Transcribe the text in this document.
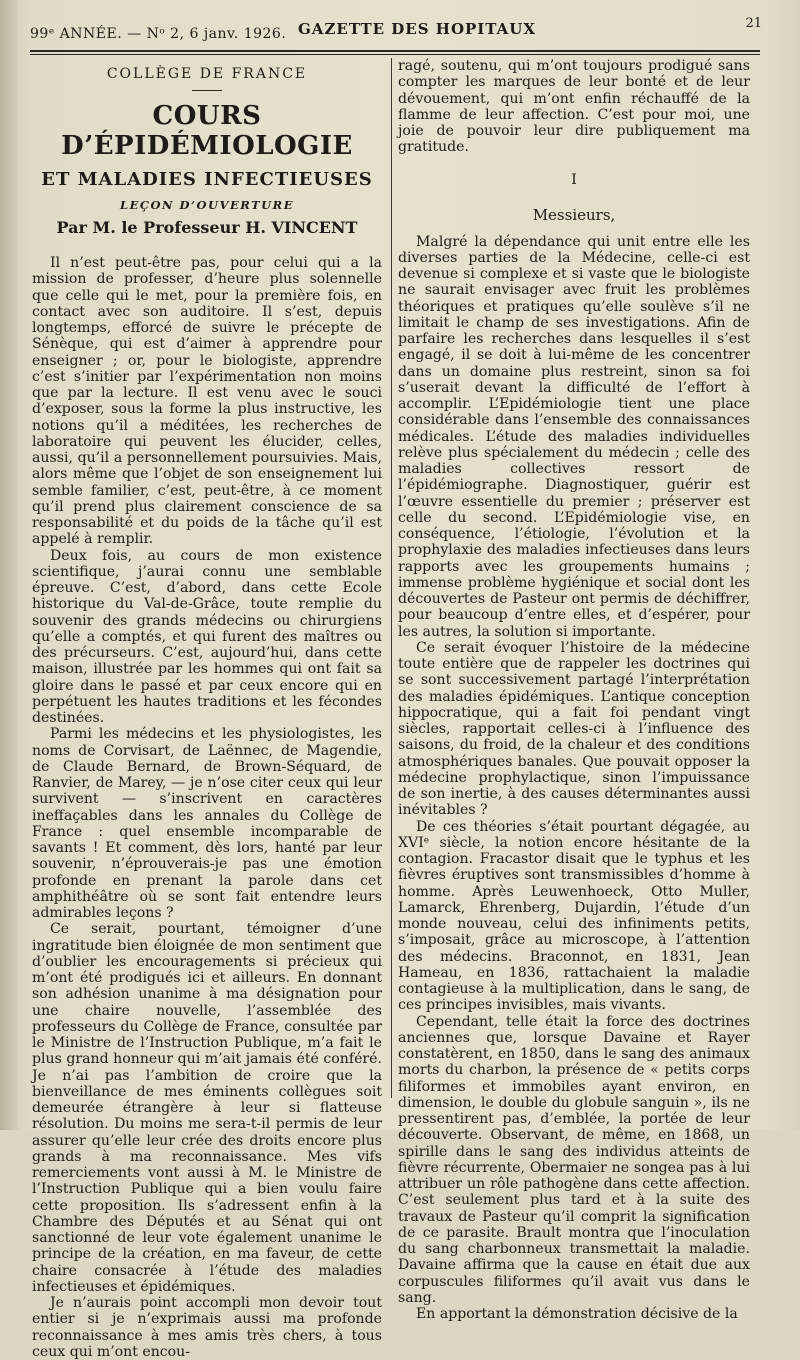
99ᵉ ANNÉE. — Nᵒ 2, 6 janv. 1926. GAZETTE DES HOPITAUX	21
COLLÈGE DE FRANCE
COURS D’ÉPIDÉMIOLOGIE
ET MALADIES INFECTIEUSES
LEÇON D’OUVERTURE
Par M. le Professeur H. VINCENT

Il n’est peut-être pas, pour celui qui a la mission de professer, d’heure plus solennelle que celle qui le met, pour la première fois, en contact avec son auditoire. Il s’est, depuis longtemps, efforcé de suivre le précepte de Sénèque, qui est d’aimer à apprendre pour enseigner ; or, pour le biologiste, apprendre c’est s’initier par l’expérimentation non moins que par la lecture. Il est venu avec le souci d’exposer, sous la forme la plus instructive, les notions qu’il a méditées, les recherches de laboratoire qui peuvent les élucider, celles, aussi, qu’il a personnellement poursuivies. Mais, alors même que l’objet de son enseignement lui semble familier, c’est, peut-être, à ce moment qu’il prend plus clairement conscience de sa responsabilité et du poids de la tâche qu’il est appelé à remplir.

Deux fois, au cours de mon existence scientifique, j’aurai connu une semblable épreuve. C’est, d’abord, dans cette Ecole historique du Val-de-Grâce, toute remplie du souvenir des grands médecins ou chirurgiens qu’elle a comptés, et qui furent des maîtres ou des précurseurs. C’est, aujourd’hui, dans cette maison, illustrée par les hommes qui ont fait sa gloire dans le passé et par ceux encore qui en perpétuent les hautes traditions et les fécondes destinées.

Parmi les médecins et les physiologistes, les noms de Corvisart, de Laënnec, de Magendie, de Claude Bernard, de Brown-Séquard, de Ranvier, de Marey, — je n’ose citer ceux qui leur survivent — s’inscrivent en caractères ineffaçables dans les annales du Collège de France : quel ensemble incomparable de savants ! Et comment, dès lors, hanté par leur souvenir, n’éprouverais-je pas une émotion profonde en prenant la parole dans cet amphithéâtre où se sont fait entendre leurs admirables leçons ?

Ce serait, pourtant, témoigner d’une ingratitude bien éloignée de mon sentiment que d’oublier les encouragements si précieux qui m’ont été prodigués ici et ailleurs. En donnant son adhésion unanime à ma désignation pour une chaire nouvelle, l’assemblée des professeurs du Collège de France, consultée par le Ministre de l’Instruction Publique, m’a fait le plus grand honneur qui m’ait jamais été conféré. Je n’ai pas l’ambition de croire que la bienveillance de mes éminents collègues soit demeurée étrangère à leur si flatteuse résolution. Du moins me sera-t-il permis de leur assurer qu’elle leur crée des droits encore plus grands à ma reconnaissance. Mes vifs remerciements vont aussi à M. le Ministre de l’Instruction Publique qui a bien voulu faire cette proposition. Ils s’adressent enfin à la Chambre des Députés et au Sénat qui ont sanctionné de leur vote également unanime le principe de la création, en ma faveur, de cette chaire consacrée à l’étude des maladies infectieuses et épidémiques.

Je n’aurais point accompli mon devoir tout entier si je n’exprimais aussi ma profonde reconnaissance à mes amis très chers, à tous ceux qui m’ont encou-

ragé, soutenu, qui m’ont toujours prodigué sans compter les marques de leur bonté et de leur dévouement, qui m’ont enfin réchauffé de la flamme de leur affection. C’est pour moi, une joie de pouvoir leur dire publiquement ma gratitude.

I
Messieurs,

Malgré la dépendance qui unit entre elle les diverses parties de la Médecine, celle-ci est devenue si complexe et si vaste que le biologiste ne saurait envisager avec fruit les problèmes théoriques et pratiques qu’elle soulève s’il ne limitait le champ de ses investigations. Afin de parfaire les recherches dans lesquelles il s’est engagé, il se doit à lui-même de les concentrer dans un domaine plus restreint, sinon sa foi s’userait devant la difficulté de l’effort à accomplir. L’Epidémiologie tient une place considérable dans l’ensemble des connaissances médicales. L’étude des maladies individuelles relève plus spécialement du médecin ; celle des maladies collectives ressort de l’épidémiographe. Diagnostiquer, guérir est l’œuvre essentielle du premier ; préserver est celle du second. L’Epidémiologie vise, en conséquence, l’étiologie, l’évolution et la prophylaxie des maladies infectieuses dans leurs rapports avec les groupements humains ; immense problème hygiénique et social dont les découvertes de Pasteur ont permis de déchiffrer, pour beaucoup d’entre elles, et d’espérer, pour les autres, la solution si importante.

Ce serait évoquer l’histoire de la médecine toute entière que de rappeler les doctrines qui se sont successivement partagé l’interprétation des maladies épidémiques. L’antique conception hippocratique, qui a fait foi pendant vingt siècles, rapportait celles-ci à l’influence des saisons, du froid, de la chaleur et des conditions atmosphériques banales. Que pouvait opposer la médecine prophylactique, sinon l’impuissance de son inertie, à des causes déterminantes aussi inévitables ?

De ces théories s’était pourtant dégagée, au XVIᵉ siècle, la notion encore hésitante de la contagion. Fracastor disait que le typhus et les fièvres éruptives sont transmissibles d’homme à homme. Après Leuwenhoeck, Otto Muller, Lamarck, Ehrenberg, Dujardin, l’étude d’un monde nouveau, celui des infiniments petits, s’imposait, grâce au microscope, à l’attention des médecins. Braconnot, en 1831, Jean Hameau, en 1836, rattachaient la maladie contagieuse à la multiplication, dans le sang, de ces principes invisibles, mais vivants.

Cependant, telle était la force des doctrines anciennes que, lorsque Davaine et Rayer constatèrent, en 1850, dans le sang des animaux morts du charbon, la présence de « petits corps filiformes et immobiles ayant environ, en dimension, le double du globule sanguin », ils ne pressentirent pas, d’emblée, la portée de leur découverte. Observant, de même, en 1868, un spirille dans le sang des individus atteints de fièvre récurrente, Obermaier ne songea pas à lui attribuer un rôle pathogène dans cette affection. C’est seulement plus tard et à la suite des travaux de Pasteur qu’il comprit la signification de ce parasite. Brault montra que l’inoculation du sang charbonneux transmettait la maladie. Davaine affirma que la cause en était due aux corpuscules filiformes qu’il avait vus dans le sang.

En apportant la démonstration décisive de la
